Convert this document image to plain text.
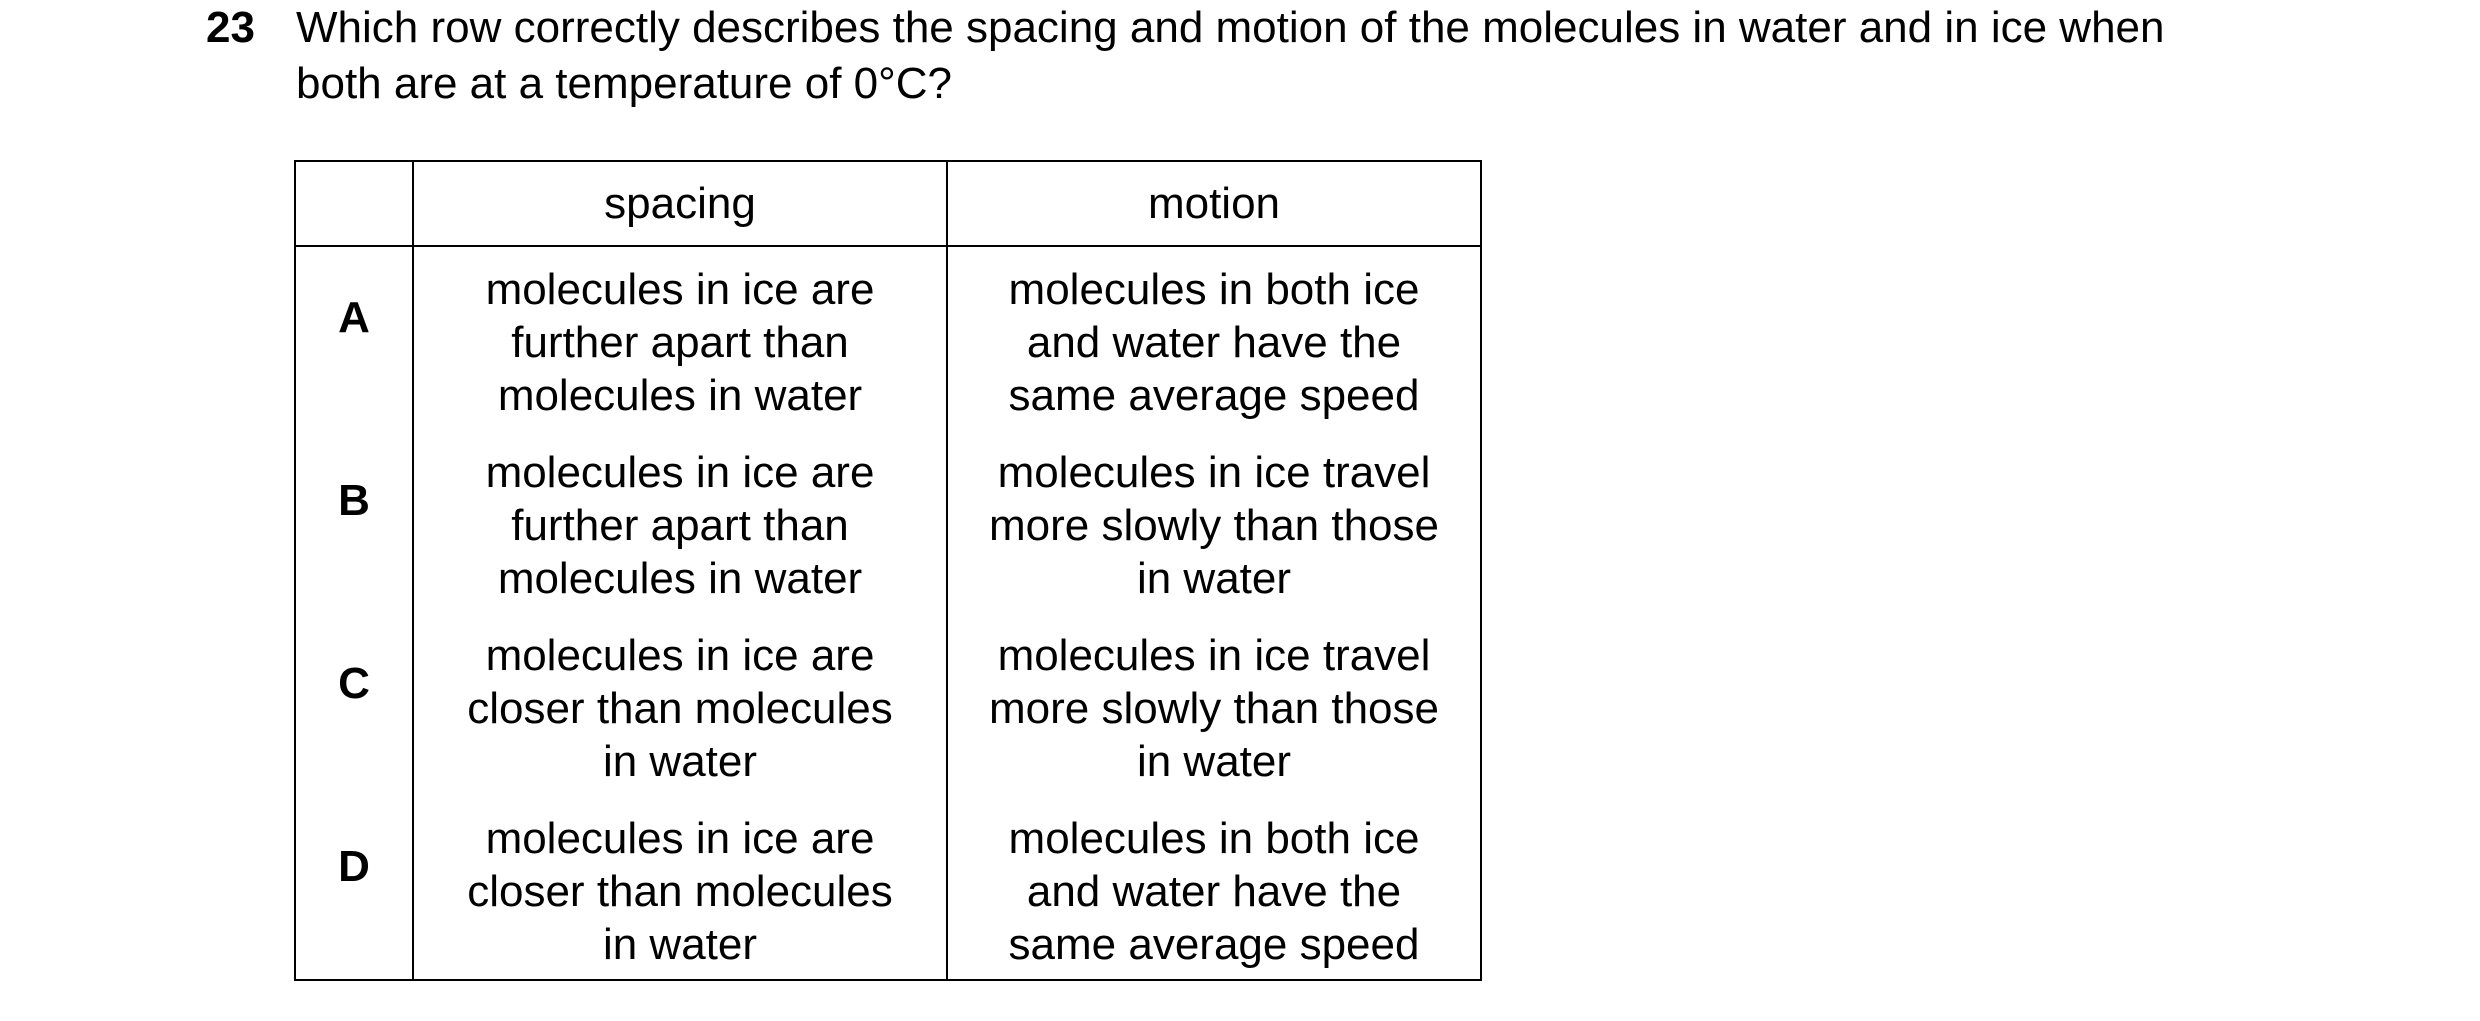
23 Which row correctly describes the spacing and motion of the molecules in water and in ice when
both are at a temperature of 0°C?
	spacing	motion
A	molecules in ice are
further apart than
molecules in water	molecules in both ice
and water have the
same average speed

B	molecules in ice are
further apart than
molecules in water	molecules in ice travel
more slowly than those
in water

C	molecules in ice are
closer than molecules
in water	molecules in ice travel
more slowly than those
in water

D	molecules in ice are
closer than molecules
in water	molecules in both ice
and water have the
same average speed
